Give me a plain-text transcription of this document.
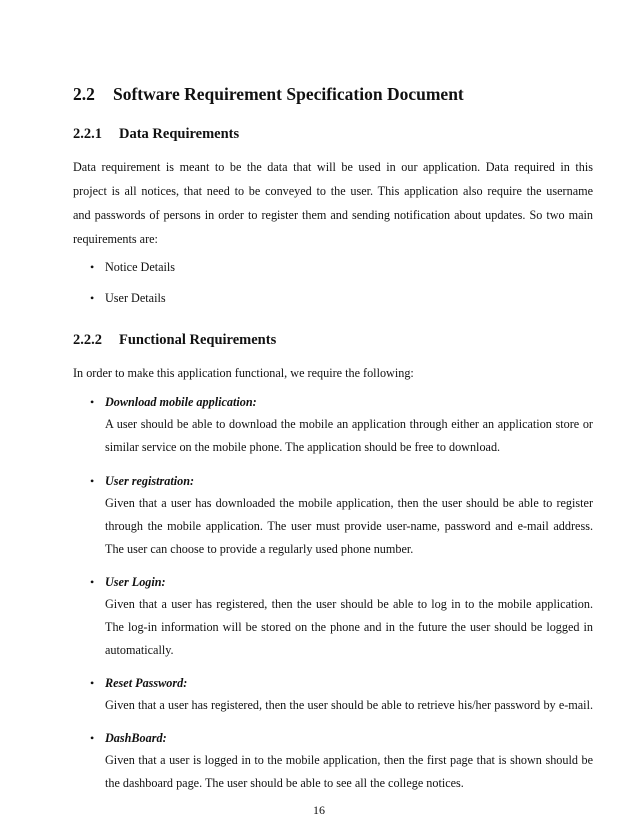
2.2 Software Requirement Specification Document
2.2.1 Data Requirements
Data requirement is meant to be the data that will be used in our application. Data required in this
project is all notices, that need to be conveyed to the user. This application also require the username
and passwords of persons in order to register them and sending notification about updates. So two main
requirements are:
• Notice Details
• User Details
2.2.2 Functional Requirements
In order to make this application functional, we require the following:
• Download mobile application:
A user should be able to download the mobile an application through either an application store or
similar service on the mobile phone. The application should be free to download.
• User registration:
Given that a user has downloaded the mobile application, then the user should be able to register
through the mobile application. The user must provide user-name, password and e-mail address.
The user can choose to provide a regularly used phone number.
• User Login:
Given that a user has registered, then the user should be able to log in to the mobile application.
The log-in information will be stored on the phone and in the future the user should be logged in
automatically.
• Reset Password:
Given that a user has registered, then the user should be able to retrieve his/her password by e-mail.
• DashBoard:
Given that a user is logged in to the mobile application, then the first page that is shown should be
the dashboard page. The user should be able to see all the college notices.
16
